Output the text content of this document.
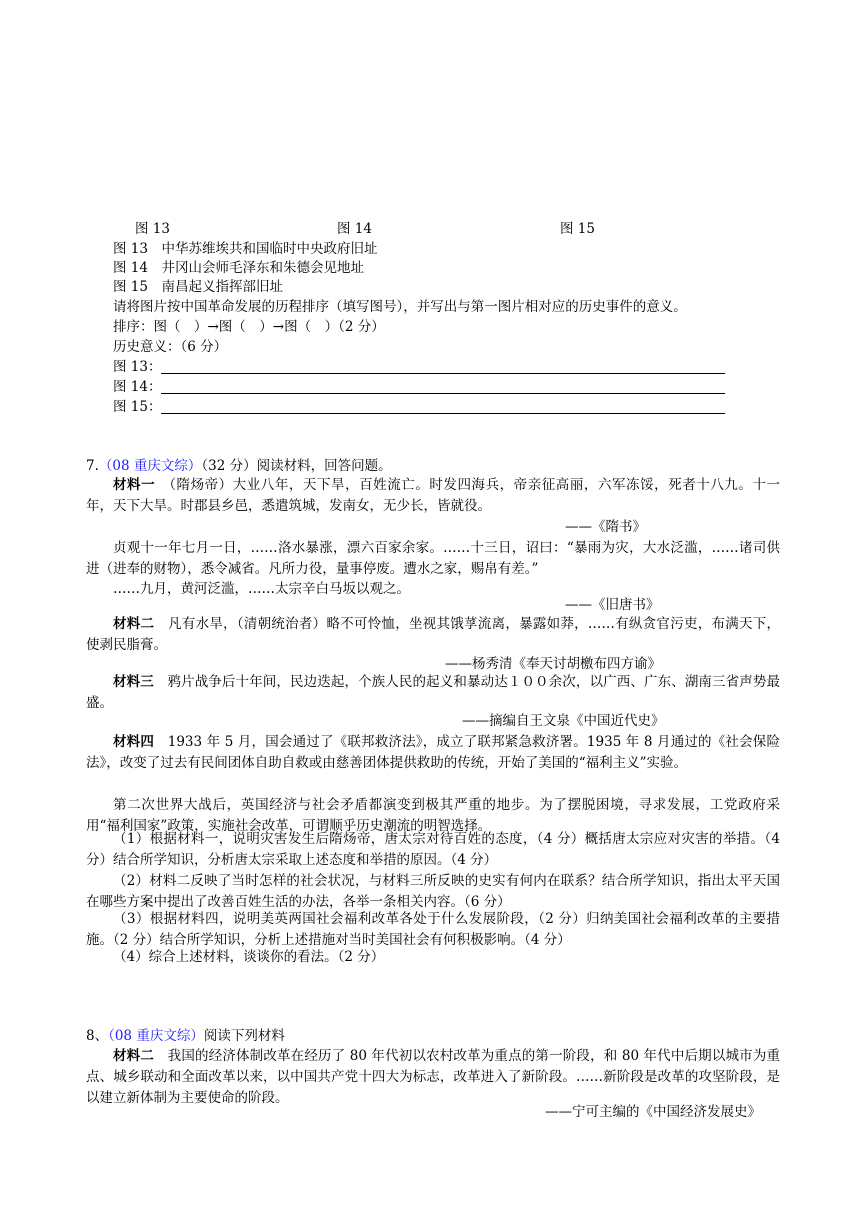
图 13	图 14	图 15
图 13　中华苏维埃共和国临时中央政府旧址
图 14　井冈山会师毛泽东和朱德会见地址
图 15　南昌起义指挥部旧址
请将图片按中国革命发展的历程排序（填写图号），并写出与第一图片相对应的历史事件的意义。
排序：图（　）→图（　）→图（　）（2 分）
历史意义：（6 分）
图 13：
图 14：
图 15：
7.（08 重庆文综）（32 分）阅读材料，回答问题。
材料一　 （隋炀帝）大业八年，天下旱，百姓流亡。时发四海兵，帝亲征高丽，六军冻馁，死者十八九。十一年，天下大旱。时郡县乡邑，悉遣筑城，发南女，无少长，皆就役。
——《隋书》
贞观十一年七月一日，……洛水暴涨，漂六百家余家。……十三日，诏曰：“暴雨为灾，大水泛滥，……诸司供进（进奉的财物），悉令减省。凡所力役，量事停废。遭水之家，赐帛有差。”
……九月，黄河泛滥，……太宗辛白马坂以观之。
——《旧唐书》
材料二　 凡有水旱，（清朝统治者）略不可怜恤，坐视其饿莩流离，暴露如莽，……有纵贪官污吏，布满天下，使剥民脂膏。
——杨秀清《奉天讨胡檄布四方谕》
材料三　 鸦片战争后十年间，民边迭起，个族人民的起义和暴动达１００余次，以广西、广东、湖南三省声势最盛。
——摘编自王文泉《中国近代史》
材料四　 1933 年 5 月，国会通过了《联邦救济法》，成立了联邦紧急救济署。1935 年 8 月通过的《社会保险法》，改变了过去有民间团体自助自救或由慈善团体提供救助的传统，开始了美国的“福利主义”实验。
第二次世界大战后，英国经济与社会矛盾都演变到极其严重的地步。为了摆脱困境，寻求发展，工党政府采用“福利国家”政策，实施社会改革，可谓顺乎历史潮流的明智选择。
（1）根据材料一，说明灾害发生后隋炀帝，唐太宗对待百姓的态度，（4 分）概括唐太宗应对灾害的举措。（4 分）结合所学知识，分析唐太宗采取上述态度和举措的原因。（4 分）
（2）材料二反映了当时怎样的社会状况，与材料三所反映的史实有何内在联系？结合所学知识，指出太平天国在哪些方案中提出了改善百姓生活的办法，各举一条相关内容。（6 分）
（3）根据材料四，说明美英两国社会福利改革各处于什么发展阶段，（2 分）归纳美国社会福利改革的主要措施。（2 分）结合所学知识，分析上述措施对当时美国社会有何积极影响。（4 分）
（4）综合上述材料，谈谈你的看法。（2 分）
8、（08 重庆文综）阅读下列材料
材料二　 我国的经济体制改革在经历了 80 年代初以农村改革为重点的第一阶段，和 80 年代中后期以城市为重点、城乡联动和全面改革以来，以中国共产党十四大为标志，改革进入了新阶段。……新阶段是改革的攻坚阶段，是以建立新体制为主要使命的阶段。
——宁可主编的《中国经济发展史》
